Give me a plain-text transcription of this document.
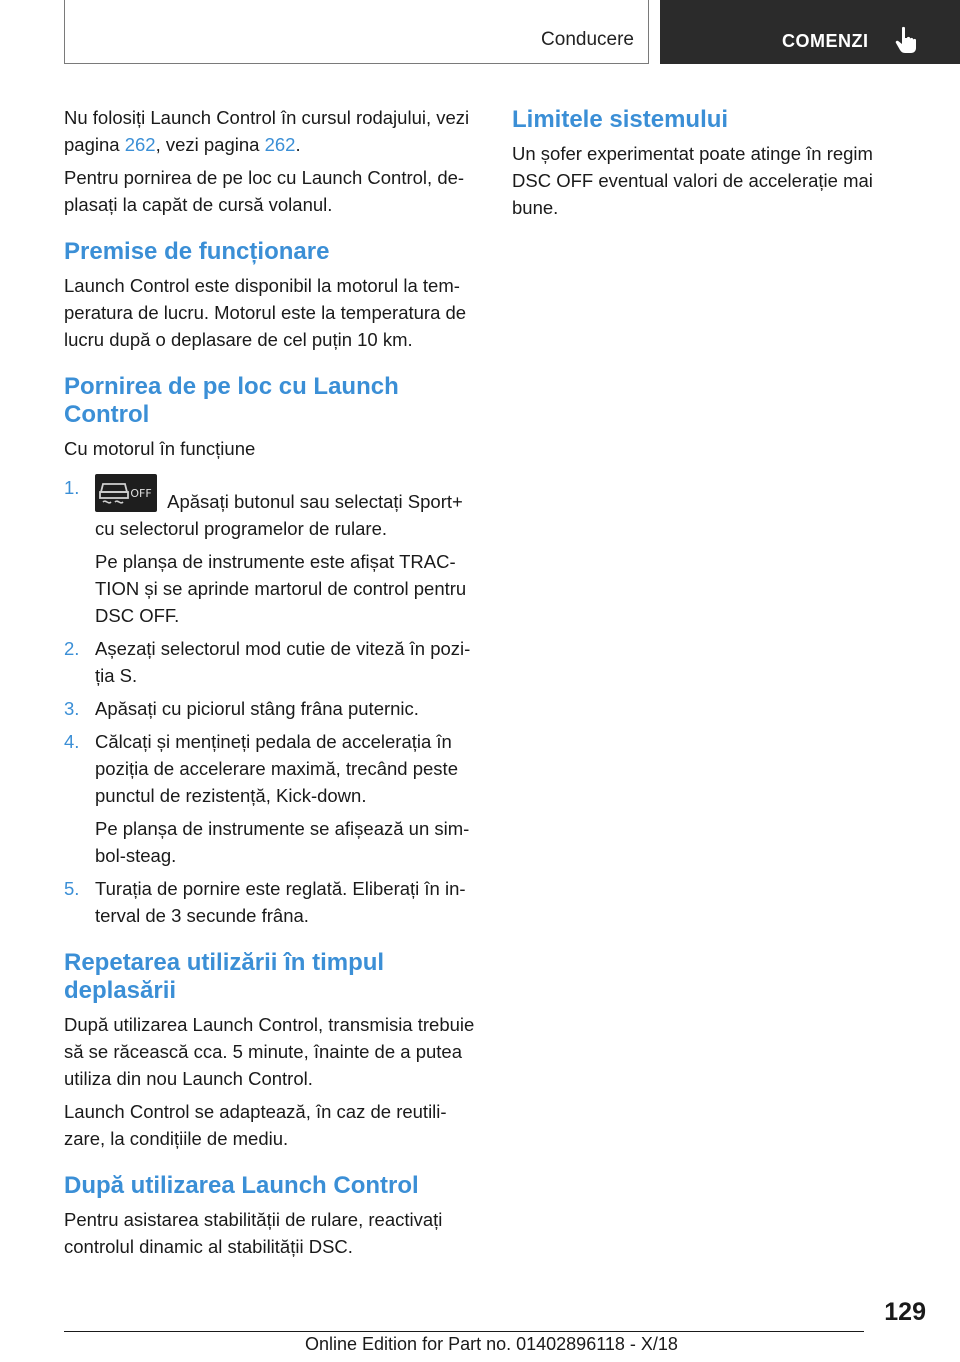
Conducere	COMENZI

Nu folosiți Launch Control în cursul rodajului, vezi pagina 262, vezi pagina 262.

Pentru pornirea de pe loc cu Launch Control, deplasați la capăt de cursă volanul.

Premise de funcționare

Launch Control este disponibil la motorul la temperatura de lucru. Motorul este la temperatura de lucru după o deplasare de cel puțin 10 km.

Pornirea de pe loc cu Launch Control

Cu motorul în funcțiune

1.	OFF Apăsați butonul sau selectați Sport+ cu selectorul programelor de rulare.

Pe planșa de instrumente este afișat TRACTION și se aprinde martorul de control pentru DSC OFF.

2. Așezați selectorul mod cutie de viteză în poziția S.
3. Apăsați cu piciorul stâng frâna puternic.
4. Călcați și mențineți pedala de accelerația în poziția de accelerare maximă, trecând peste punctul de rezistență, Kick-down.

Pe planșa de instrumente se afișează un simbol-steag.

5. Turația de pornire este reglată. Eliberați în interval de 3 secunde frâna.
Repetarea utilizării în timpul deplasării

După utilizarea Launch Control, transmisia trebuie să se răcească cca. 5 minute, înainte de a putea utiliza din nou Launch Control.

Launch Control se adaptează, în caz de reutilizare, la condițiile de mediu.

După utilizarea Launch Control

Pentru asistarea stabilității de rulare, reactivați controlul dinamic al stabilității DSC.

Limitele sistemului

Un șofer experimentat poate atinge în regim DSC OFF eventual valori de accelerație mai bune.

129
Online Edition for Part no. 01402896118 - X/18
